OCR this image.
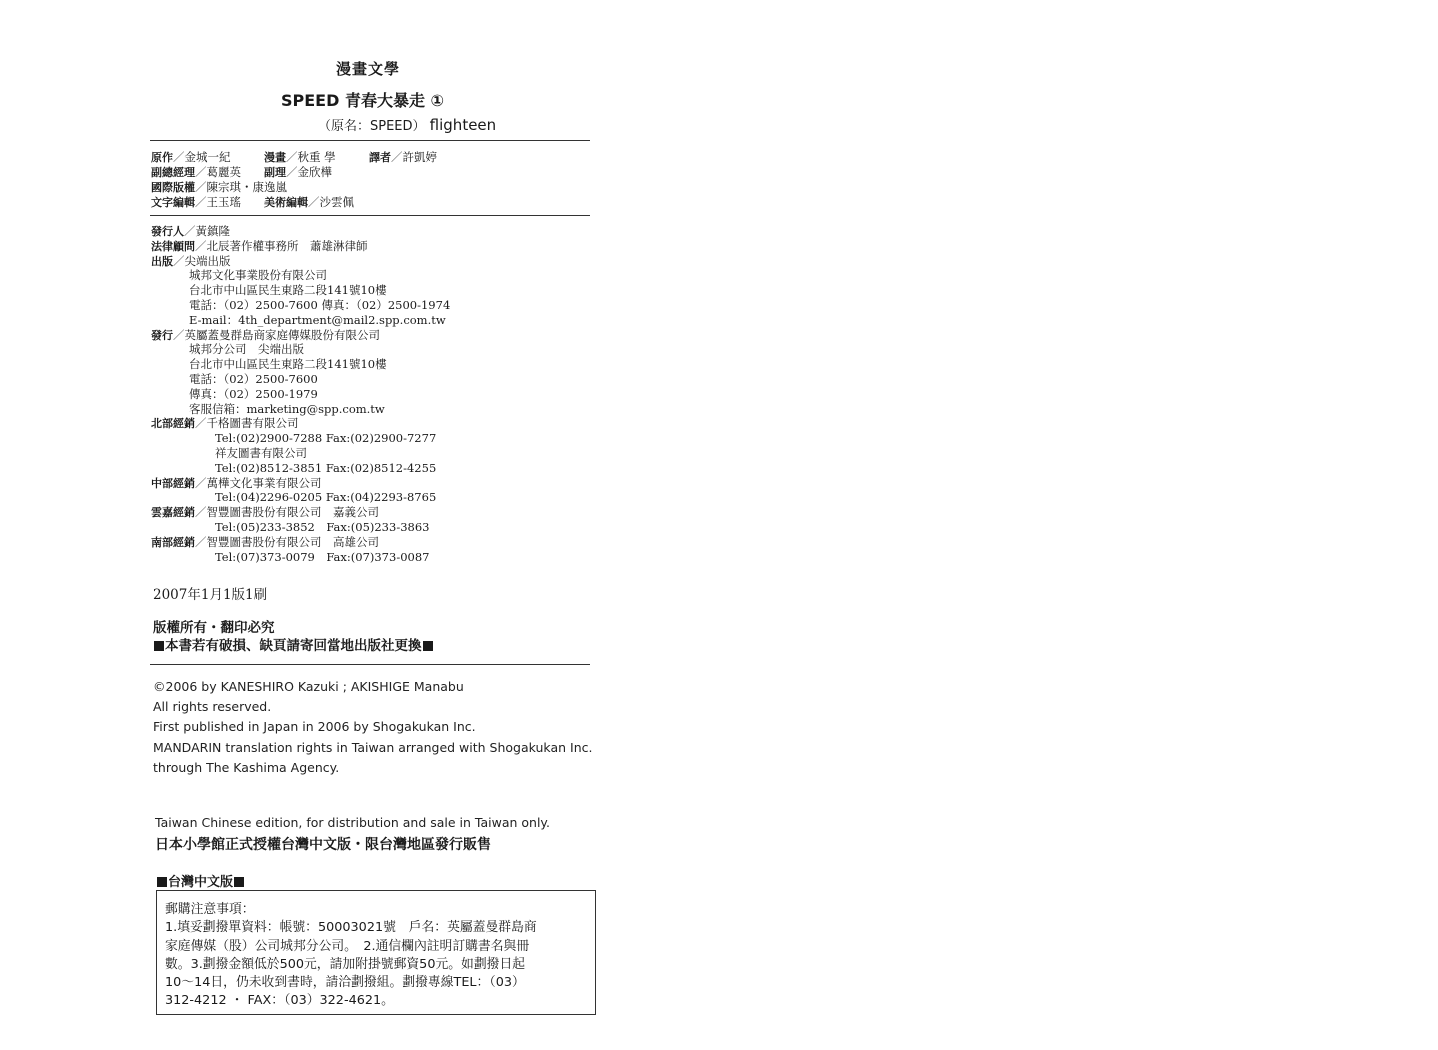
漫畫文學
SPEED 青春大暴走 ①
（原名：SPEED） flighteen
原作／金城一紀	漫畫／秋重 學	譯者／許凱婷
副總經理／葛麗英 副理／金欣樺
國際版權／陳宗琪・康逸嵐
文字編輯／王玉瑤 美術編輯／沙雲佩
發行人／黃鎮隆
法律顧問／北辰著作權事務所　蕭雄淋律師
出版／尖端出版
城邦文化事業股份有限公司
台北市中山區民生東路二段141號10樓
電話：（02）2500-7600 傳真：（02）2500-1974
E-mail：4th_department@mail2.spp.com.tw
發行／英屬蓋曼群島商家庭傳媒股份有限公司
城邦分公司　尖端出版
台北市中山區民生東路二段141號10樓
電話：（02）2500-7600
傳真：（02）2500-1979
客服信箱：marketing@spp.com.tw
北部經銷／千格圖書有限公司
Tel:(02)2900-7288 Fax:(02)2900-7277
祥友圖書有限公司
Tel:(02)8512-3851 Fax:(02)8512-4255
中部經銷／萬樺文化事業有限公司
Tel:(04)2296-0205 Fax:(04)2293-8765
雲嘉經銷／智豐圖書股份有限公司　嘉義公司
Tel:(05)233-3852　Fax:(05)233-3863
南部經銷／智豐圖書股份有限公司　高雄公司
Tel:(07)373-0079　Fax:(07)373-0087
2007年1月1版1刷
版權所有・翻印必究
本書若有破損、缺頁請寄回當地出版社更換
©2006 by KANESHIRO Kazuki ; AKISHIGE Manabu
All rights reserved.
First published in Japan in 2006 by Shogakukan Inc.
MANDARIN translation rights in Taiwan arranged with Shogakukan Inc.
through The Kashima Agency.
Taiwan Chinese edition, for distribution and sale in Taiwan only.
日本小學館正式授權台灣中文版・限台灣地區發行販售
台灣中文版
郵購注意事項：
1.填妥劃撥單資料：帳號：50003021號　戶名：英屬蓋曼群島商
家庭傳媒（股）公司城邦分公司。　2.通信欄內註明訂購書名與冊
數。3.劃撥金額低於500元，請加附掛號郵資50元。如劃撥日起
10～14日，仍未收到書時，請洽劃撥組。劃撥專線TEL：（03）
312-4212 ・ FAX：（03）322-4621。
